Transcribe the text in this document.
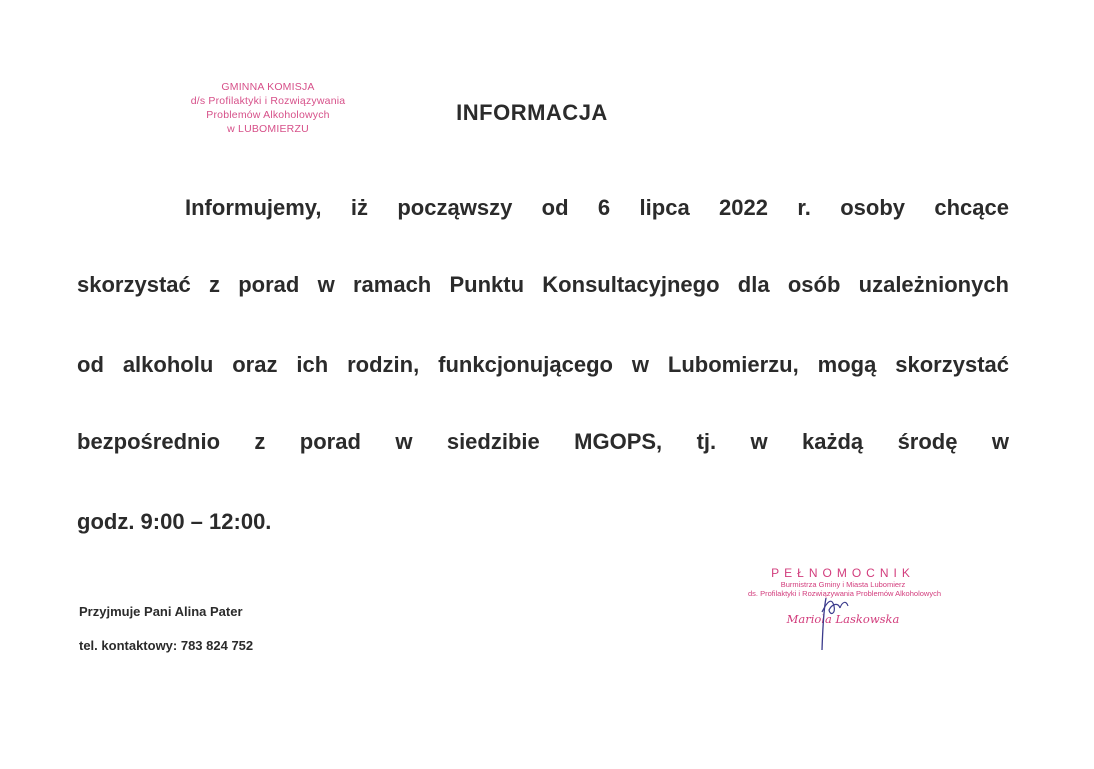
GMINNA KOMISJA
d/s Profilaktyki i Rozwiązywania
Problemów Alkoholowych
w LUBOMIERZU
INFORMACJA
Informujemy, iż począwszy od 6 lipca 2022 r. osoby chcące
skorzystać z porad w ramach Punktu Konsultacyjnego dla osób uzależnionych
od alkoholu oraz ich rodzin, funkcjonującego w Lubomierzu, mogą skorzystać
bezpośrednio z porad w siedzibie MGOPS, tj. w każdą środę w
godz. 9:00 – 12:00.
Przyjmuje Pani Alina Pater
tel. kontaktowy: 783 824 752
PEŁNOMOCNIK
Burmistrza Gminy i Miasta Lubomierz
ds. Profilaktyki i Rozwiązywania Problemów Alkoholowych
Mariola Laskowska
